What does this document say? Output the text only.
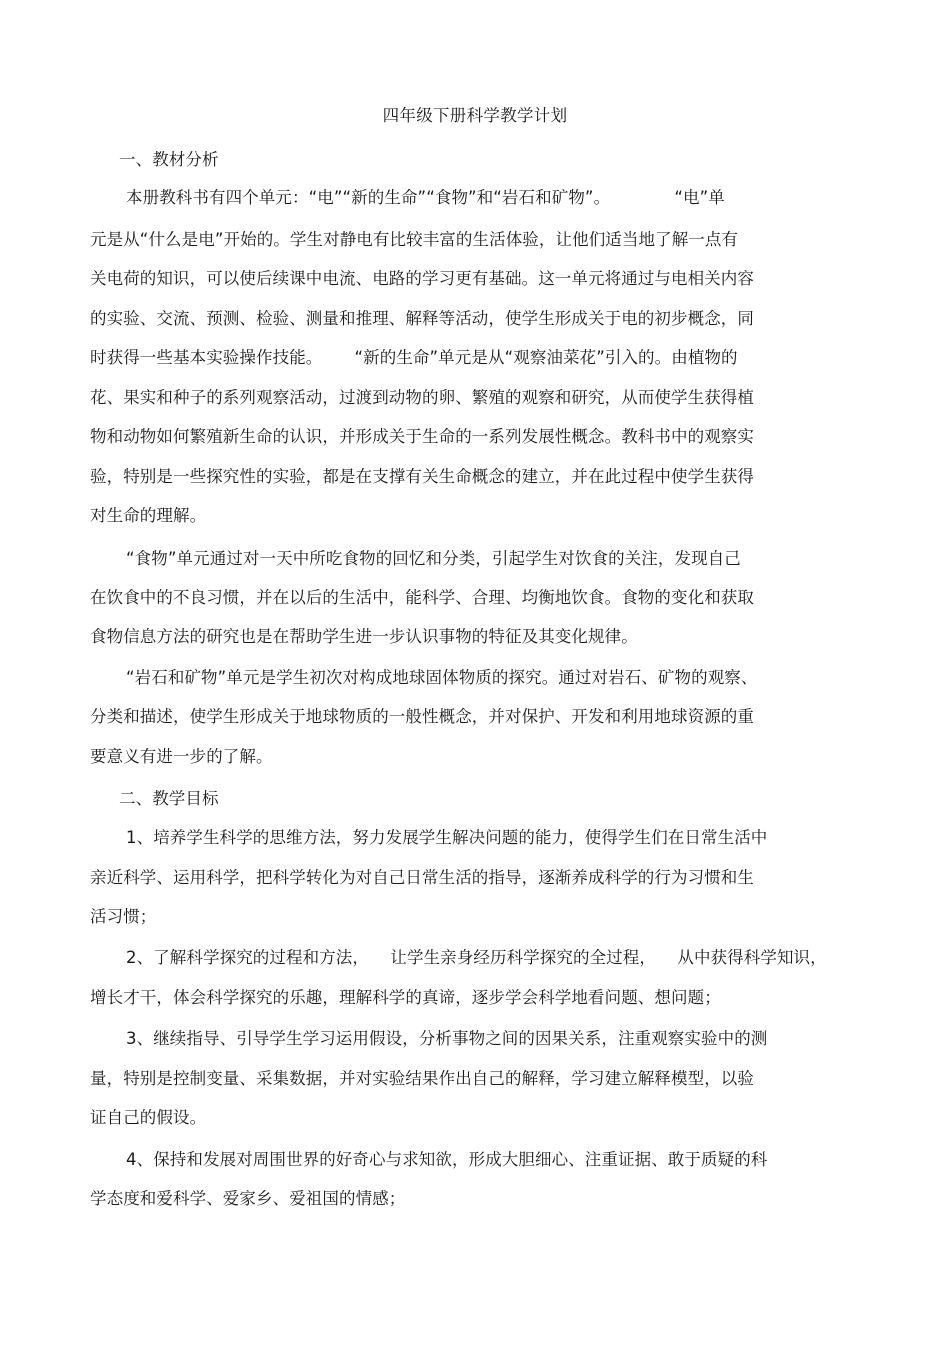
四年级下册科学教学计划
一、教材分析
本册教科书有四个单元：“电”“新的生命”“食物”和“岩石和矿物”。            “电”单
元是从“什么是电”开始的。学生对静电有比较丰富的生活体验，让他们适当地了解一点有
关电荷的知识，可以使后续课中电流、电路的学习更有基础。这一单元将通过与电相关内容
的实验、交流、预测、检验、测量和推理、解释等活动，使学生形成关于电的初步概念，同
时获得一些基本实验操作技能。      “新的生命”单元是从“观察油菜花”引入的。由植物的
花、果实和种子的系列观察活动，过渡到动物的卵、繁殖的观察和研究，从而使学生获得植
物和动物如何繁殖新生命的认识，并形成关于生命的一系列发展性概念。教科书中的观察实
验，特别是一些探究性的实验，都是在支撑有关生命概念的建立，并在此过程中使学生获得
对生命的理解。
“食物”单元通过对一天中所吃食物的回忆和分类，引起学生对饮食的关注，发现自己
在饮食中的不良习惯，并在以后的生活中，能科学、合理、均衡地饮食。食物的变化和获取
食物信息方法的研究也是在帮助学生进一步认识事物的特征及其变化规律。
“岩石和矿物”单元是学生初次对构成地球固体物质的探究。通过对岩石、矿物的观察、
分类和描述，使学生形成关于地球物质的一般性概念，并对保护、开发和利用地球资源的重
要意义有进一步的了解。
二、教学目标
1、培养学生科学的思维方法，努力发展学生解决问题的能力，使得学生们在日常生活中
亲近科学、运用科学，把科学转化为对自己日常生活的指导，逐渐养成科学的行为习惯和生
活习惯；
2、了解科学探究的过程和方法，    让学生亲身经历科学探究的全过程，    从中获得科学知识，
增长才干，体会科学探究的乐趣，理解科学的真谛，逐步学会科学地看问题、想问题；
3、继续指导、引导学生学习运用假设，分析事物之间的因果关系，注重观察实验中的测
量，特别是控制变量、采集数据，并对实验结果作出自己的解释，学习建立解释模型，以验
证自己的假设。
4、保持和发展对周围世界的好奇心与求知欲，形成大胆细心、注重证据、敢于质疑的科
学态度和爱科学、爱家乡、爱祖国的情感；
